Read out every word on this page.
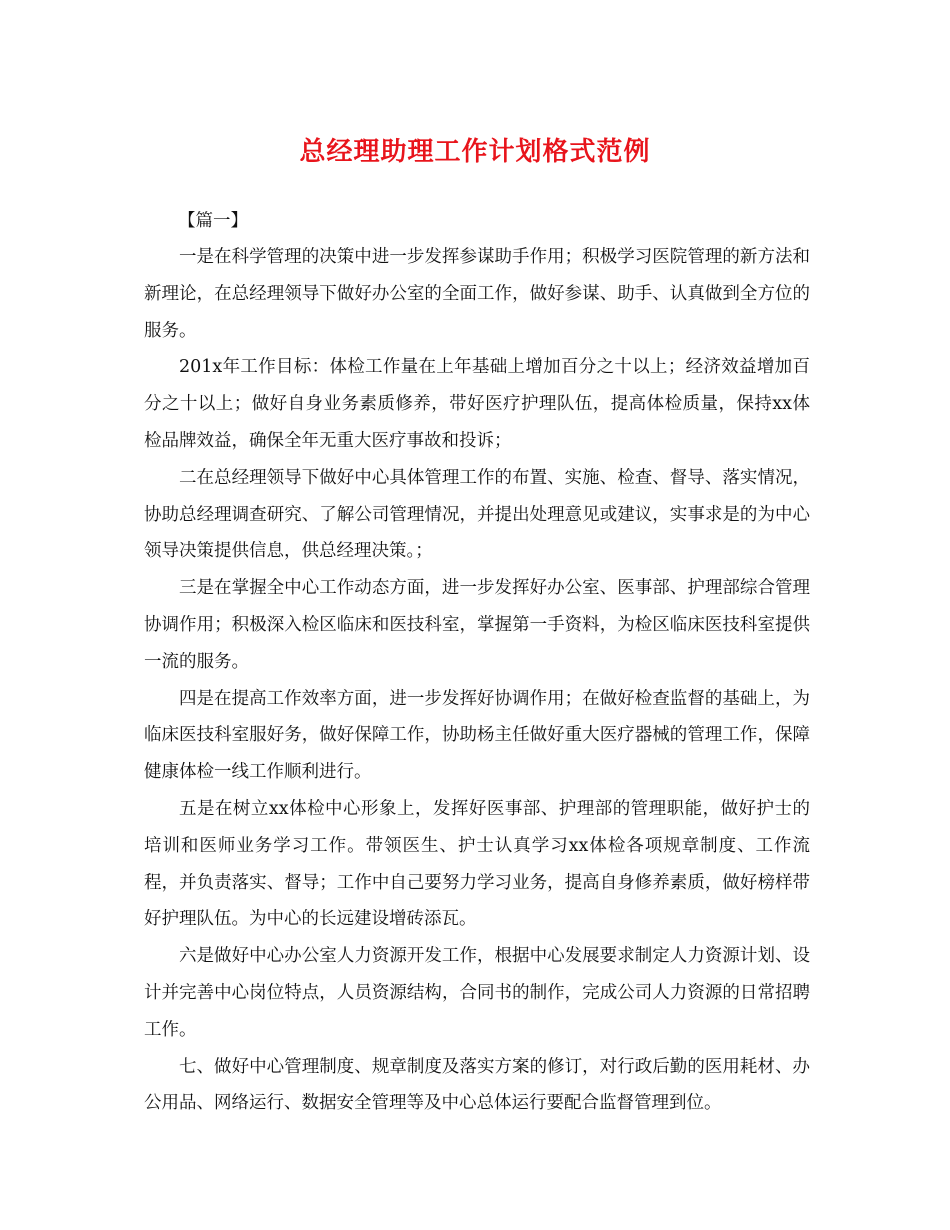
总经理助理工作计划格式范例
【篇一】

一是在科学管理的决策中进一步发挥参谋助手作用；积极学习医院管理的新方法和新理论，在总经理领导下做好办公室的全面工作，做好参谋、助手、认真做到全方位的服务。

201x年工作目标：体检工作量在上年基础上增加百分之十以上；经济效益增加百分之十以上；做好自身业务素质修养，带好医疗护理队伍，提高体检质量，保持xx体检品牌效益，确保全年无重大医疗事故和投诉；

二在总经理领导下做好中心具体管理工作的布置、实施、检查、督导、落实情况，协助总经理调查研究、了解公司管理情况，并提出处理意见或建议，实事求是的为中心领导决策提供信息，供总经理决策。；

三是在掌握全中心工作动态方面，进一步发挥好办公室、医事部、护理部综合管理协调作用；积极深入检区临床和医技科室，掌握第一手资料，为检区临床医技科室提供一流的服务。

四是在提高工作效率方面，进一步发挥好协调作用；在做好检查监督的基础上，为临床医技科室服好务，做好保障工作，协助杨主任做好重大医疗器械的管理工作，保障健康体检一线工作顺利进行。

五是在树立xx体检中心形象上，发挥好医事部、护理部的管理职能，做好护士的培训和医师业务学习工作。带领医生、护士认真学习xx体检各项规章制度、工作流程，并负责落实、督导；工作中自己要努力学习业务，提高自身修养素质，做好榜样带好护理队伍。为中心的长远建设增砖添瓦。

六是做好中心办公室人力资源开发工作，根据中心发展要求制定人力资源计划、设计并完善中心岗位特点，人员资源结构，合同书的制作，完成公司人力资源的日常招聘工作。

七、做好中心管理制度、规章制度及落实方案的修订，对行政后勤的医用耗材、办公用品、网络运行、数据安全管理等及中心总体运行要配合监督管理到位。
